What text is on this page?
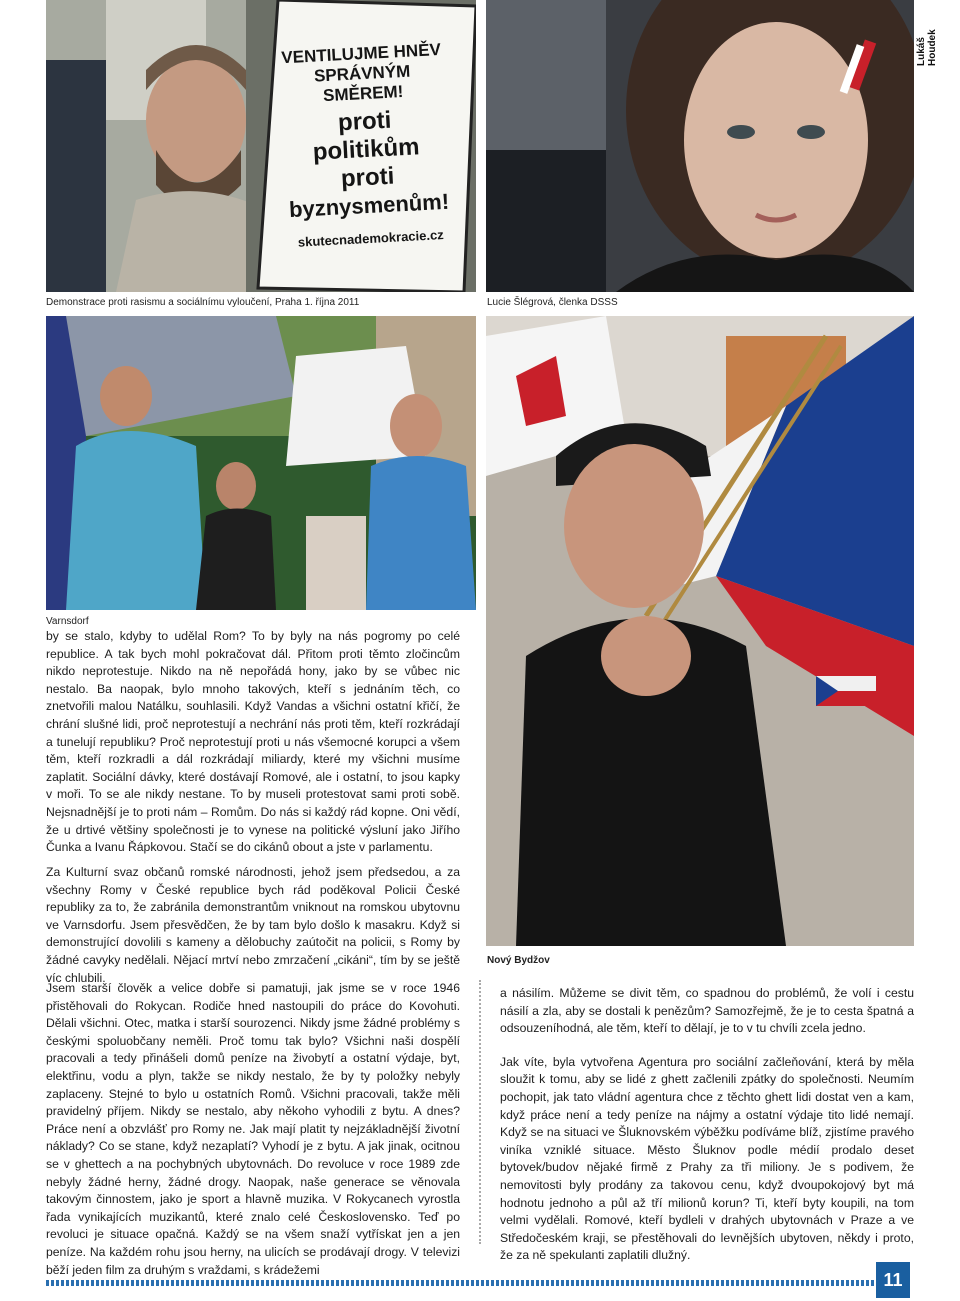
VENTILUJME HNĚV
SPRÁVNÝM
SMĚREM!
proti
politikům
proti
byznysmenům!
skutecnademokracie.cz
Demonstrace proti rasismu a sociálnímu vyloučení, Praha 1. října 2011	Lucie Šlégrová, členka DSSS
Varnsdorf
Nový Bydžov
Lukáš Houdek

by se stalo, kdyby to udělal Rom? To by byly na nás pogromy po celé republice. A tak bych mohl pokračovat dál. Přitom proti těmto zločincům nikdo neprotestuje. Nikdo na ně nepořádá hony, jako by se vůbec nic nestalo. Ba naopak, bylo mnoho takových, kteří s jednáním těch, co znetvořili malou Natálku, souhlasili. Když Vandas a všichni ostatní křičí, že chrání slušné lidi, proč neprotestují a nechrání nás proti těm, kteří rozkrádají a tunelují republiku? Proč neprotestují proti u nás všemocné korupci a všem těm, kteří rozkradli a dál rozkrádají miliardy, které my všichni musíme zaplatit. Sociální dávky, které dostávají Romové, ale i ostatní, to jsou kapky v moři. To se ale nikdy nestane. To by museli protestovat sami proti sobě. Nejsnadnější je to proti nám – Romům. Do nás si každý rád kopne. Oni vědí, že u drtivé většiny společnosti je to vynese na politické výsluní jako Jiřího Čunka a Ivanu Řápkovou. Stačí se do cikánů obout a jste v parlamentu.

Za Kulturní svaz občanů romské národnosti, jehož jsem předsedou, a za všechny Romy v České republice bych rád poděkoval Policii České republiky za to, že zabránila demonstrantům vniknout na romskou ubytovnu ve Varnsdorfu. Jsem přesvědčen, že by tam bylo došlo k masakru. Když si demonstrující dovolili s kameny a dělobuchy zaútočit na policii, s Romy by žádné cavyky nedělali. Nějací mrtví nebo zmrzačení „cikáni“, tím by se ještě víc chlubili.

Jsem starší člověk a velice dobře si pamatuji, jak jsme se v roce 1946 přistěhovali do Rokycan. Rodiče hned nastoupili do práce do Kovohuti. Dělali všichni. Otec, matka i starší sourozenci. Nikdy jsme žádné problémy s českými spoluobčany neměli. Proč tomu tak bylo? Všichni naši dospělí pracovali a tedy přinášeli domů peníze na živobytí a ostatní výdaje, byt, elektřinu, vodu a plyn, takže se nikdy nestalo, že by ty položky nebyly zaplaceny. Stejné to bylo u ostatních Romů. Všichni pracovali, takže měli pravidelný příjem. Nikdy se nestalo, aby někoho vyhodili z bytu. A dnes? Práce není a obzvlášť pro Romy ne. Jak mají platit ty nejzákladnější životní náklady? Co se stane, když nezaplatí? Vyhodí je z bytu. A jak jinak, ocitnou se v ghettech a na pochybných ubytovnách. Do revoluce v roce 1989 zde nebyly žádné herny, žádné drogy. Naopak, naše generace se věnovala takovým činnostem, jako je sport a hlavně muzika. V Rokycanech vyrostla řada vynikajících muzikantů, které znalo celé Československo. Teď po revoluci je situace opačná. Každý se na všem snaží vytřískat jen a jen peníze. Na každém rohu jsou herny, na ulicích se prodávají drogy. V televizi běží jeden film za druhým s vraždami, s krádežemi

a násilím. Můžeme se divit těm, co spadnou do problémů, že volí i cestu násilí a zla, aby se dostali k penězům? Samozřejmě, že je to cesta špatná a odsouzeníhodná, ale těm, kteří to dělají, je to v tu chvíli zcela jedno.

Jak víte, byla vytvořena Agentura pro sociální začleňování, která by měla sloužit k tomu, aby se lidé z ghett začlenili zpátky do společnosti. Neumím pochopit, jak tato vládní agentura chce z těchto ghett lidi dostat ven a kam, když práce není a tedy peníze na nájmy a ostatní výdaje tito lidé nemají. Když se na situaci ve Šluknovském výběžku podíváme blíž, zjistíme pravého viníka vzniklé situace. Město Šluknov podle médií prodalo deset bytovek/budov nějaké firmě z Prahy za tři miliony. Je s podivem, že nemovitosti byly prodány za takovou cenu, když dvoupokojový byt má hodnotu jednoho a půl až tří milionů korun? Ti, kteří byty koupili, na tom velmi vydělali. Romové, kteří bydleli v drahých ubytovnách v Praze a ve Středočeském kraji, se přestěhovali do levnějších ubytoven, někdy i proto, že za ně spekulanti zaplatili dlužný.

11
